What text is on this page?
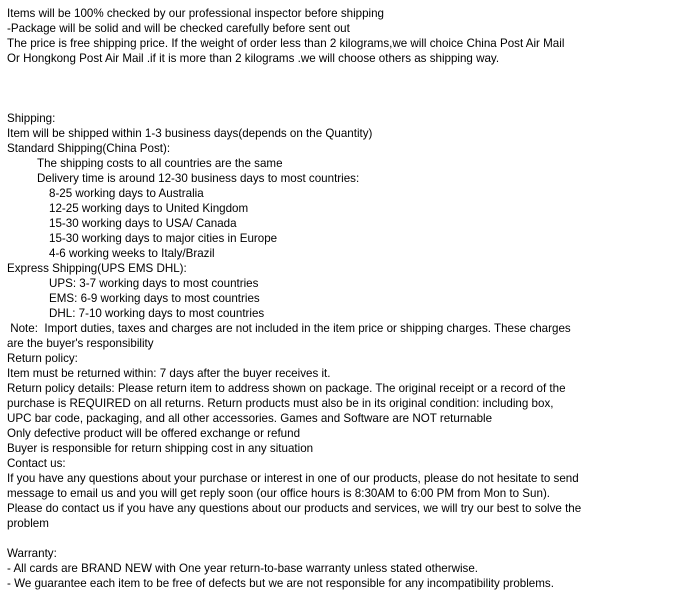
Items will be 100% checked by our professional inspector before shipping
-Package will be solid and will be checked carefully before sent out
The price is free shipping price. If the weight of order less than 2 kilograms,we will choice China Post Air Mail
Or Hongkong Post Air Mail .if it is more than 2 kilograms .we will choose others as shipping way.
Shipping:
Item will be shipped within 1-3 business days(depends on the Quantity)
Standard Shipping(China Post):
The shipping costs to all countries are the same
Delivery time is around 12-30 business days to most countries:
8-25 working days to Australia
12-25 working days to United Kingdom
15-30 working days to USA/ Canada
15-30 working days to major cities in Europe
4-6 working weeks to Italy/Brazil
Express Shipping(UPS EMS DHL):
UPS: 3-7 working days to most countries
EMS: 6-9 working days to most countries
DHL: 7-10 working days to most countries
Note:  Import duties, taxes and charges are not included in the item price or shipping charges. These charges
are the buyer's responsibility
Return policy:
Item must be returned within: 7 days after the buyer receives it.
Return policy details: Please return item to address shown on package. The original receipt or a record of the
purchase is REQUIRED on all returns. Return products must also be in its original condition: including box,
UPC bar code, packaging, and all other accessories. Games and Software are NOT returnable
Only defective product will be offered exchange or refund
Buyer is responsible for return shipping cost in any situation
Contact us:
If you have any questions about your purchase or interest in one of our products, please do not hesitate to send
message to email us and you will get reply soon (our office hours is 8:30AM to 6:00 PM from Mon to Sun).
Please do contact us if you have any questions about our products and services, we will try our best to solve the
problem
Warranty:
- All cards are BRAND NEW with One year return-to-base warranty unless stated otherwise.
- We guarantee each item to be free of defects but we are not responsible for any incompatibility problems.
